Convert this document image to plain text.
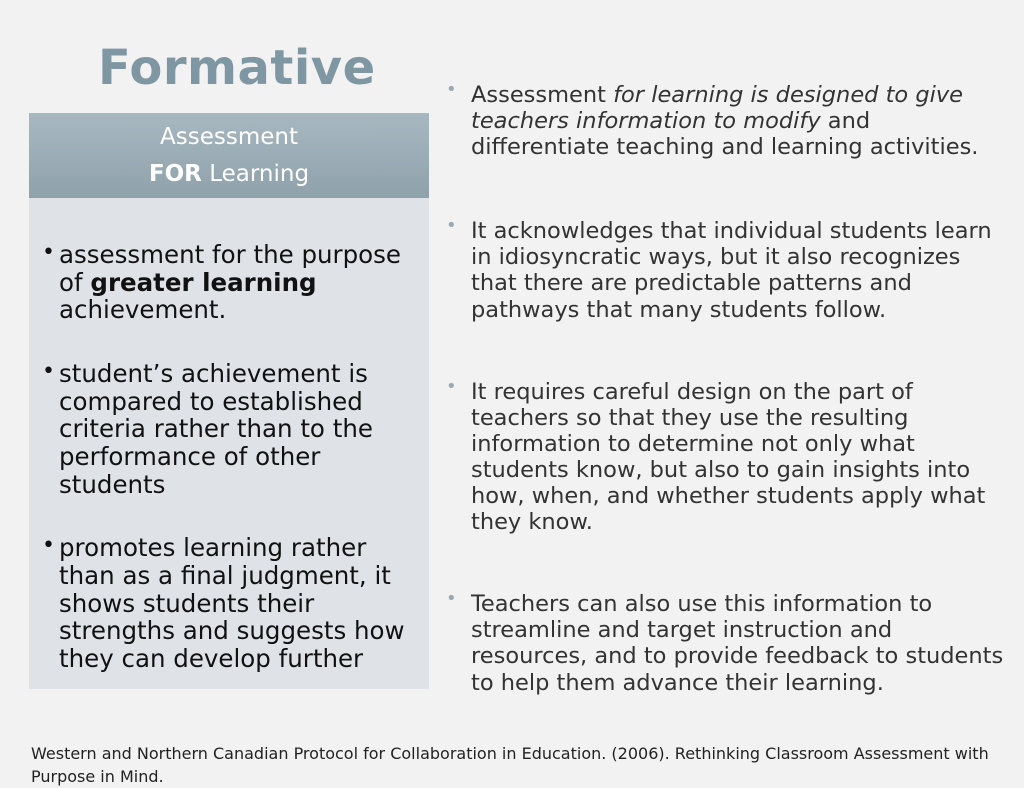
Formative
Assessment
FOR Learning
• assessment for the purpose of greater learning achievement.
• student’s achievement is compared to established criteria rather than to the performance of other students
• promotes learning rather than as a final judgment, it shows students their strengths and suggests how they can develop further
• Assessment for learning is designed to give teachers information to modify and differentiate teaching and learning activities.
• It acknowledges that individual students learn in idiosyncratic ways, but it also recognizes that there are predictable patterns and pathways that many students follow.
• It requires careful design on the part of teachers so that they use the resulting information to determine not only what students know, but also to gain insights into how, when, and whether students apply what they know.
• Teachers can also use this information to streamline and target instruction and resources, and to provide feedback to students to help them advance their learning.
Western and Northern Canadian Protocol for Collaboration in Education. (2006). Rethinking Classroom Assessment with Purpose in Mind.
